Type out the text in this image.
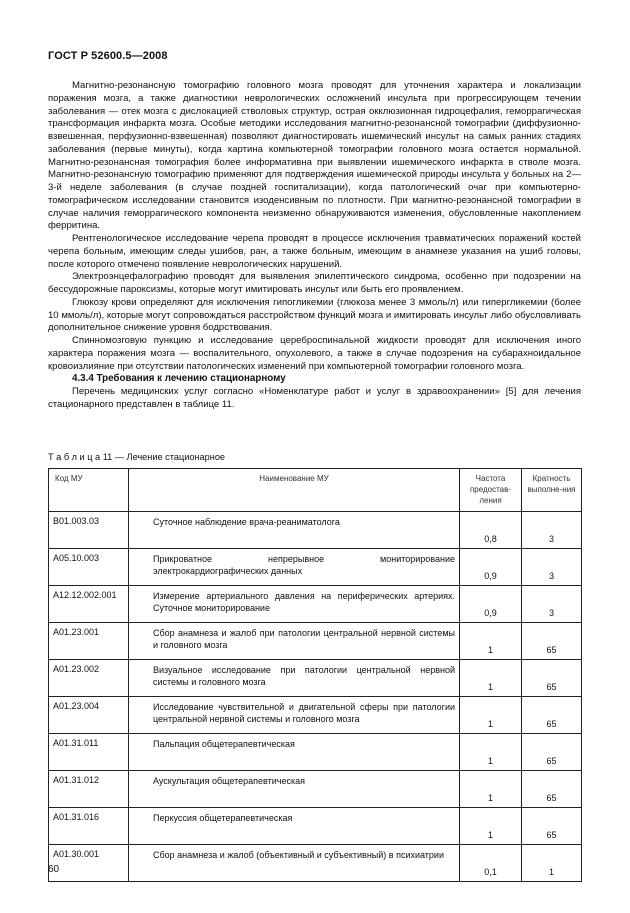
ГОСТ Р 52600.5—2008

Магнитно-резонансную томографию головного мозга проводят для уточнения характера и локализации поражения мозга, а также диагностики неврологических осложнений инсульта при прогрессирующем течении заболевания — отек мозга с дислокацией стволовых структур, острая окклюзионная гидроцефалия, геморрагическая трансформация инфаркта мозга. Особые методики исследования магнитно-резонансной томографии (диффузионно-взвешенная, перфузионно-взвешенная) позволяют диагностировать ишемический инсульт на самых ранних стадиях заболевания (первые минуты), когда картина компьютерной томографии головного мозга остается нормальной. Магнитно-резонансная томография более информативна при выявлении ишемического инфаркта в стволе мозга. Магнитно-резонансную томографию применяют для подтверждения ишемической природы инсульта у больных на 2—3-й неделе заболевания (в случае поздней госпитализации), когда патологический очаг при компьютерно-томографическом исследовании становится изоденсивным по плотности. При магнитно-резонансной томографии в случае наличия геморрагического компонента неизменно обнаруживаются изменения, обусловленные накоплением ферритина.

Рентгенологическое исследование черепа проводят в процессе исключения травматических поражений костей черепа больным, имеющим следы ушибов, ран, а также больным, имеющим в анамнезе указания на ушиб головы, после которого отмечено появление неврологических нарушений.

Электроэнцефалографию проводят для выявления эпилептического синдрома, особенно при подозрении на бессудорожные пароксизмы, которые могут имитировать инсульт или быть его проявлением.

Глюкозу крови определяют для исключения гипогликемии (глюкоза менее 3 ммоль/л) или гипергликемии (более 10 ммоль/л), которые могут сопровождаться расстройством функций мозга и имитировать инсульт либо обусловливать дополнительное снижение уровня бодрствования.

Спинномозговую пункцию и исследование цереброспинальной жидкости проводят для исключения иного характера поражения мозга — воспалительного, опухолевого, а также в случае подозрения на субарахноидальное кровоизлияние при отсутствии патологических изменений при компьютерной томографии головного мозга.

4.3.4 Требования к лечению стационарному

Перечень медицинских услуг согласно «Номенклатуре работ и услуг в здравоохранении» [5] для лечения стационарного представлен в таблице 11.

Т а б л и ц а 11 — Лечение стационарное
Код МУ	Наименование МУ	Частота предостав-ления	Кратность выполне-ния
B01.003.03	Суточное наблюдение врача-реаниматолога	0,8	3
A05.10.003	Прикроватное непрерывное мониторирование электрокардиографических данных	0,9	3
A12.12.002.001	Измерение артериального давления на периферических артериях. Суточное мониторирование	0,9	3
A01.23.001	Сбор анамнеза и жалоб при патологии центральной нервной системы и головного мозга	1	65
A01.23.002	Визуальное исследование при патологии центральной нервной системы и головного мозга	1	65
A01.23.004	Исследование чувствительной и двигательной сферы при патологии центральной нервной системы и головного мозга	1	65
A01.31.011	Пальпация общетерапевтическая	1	65
A01.31.012	Аускультация общетерапевтическая	1	65
A01.31.016	Перкуссия общетерапевтическая	1	65
A01.30.001	Сбор анамнеза и жалоб (объективный и субъективный) в психиатрии	0,1	1
60
